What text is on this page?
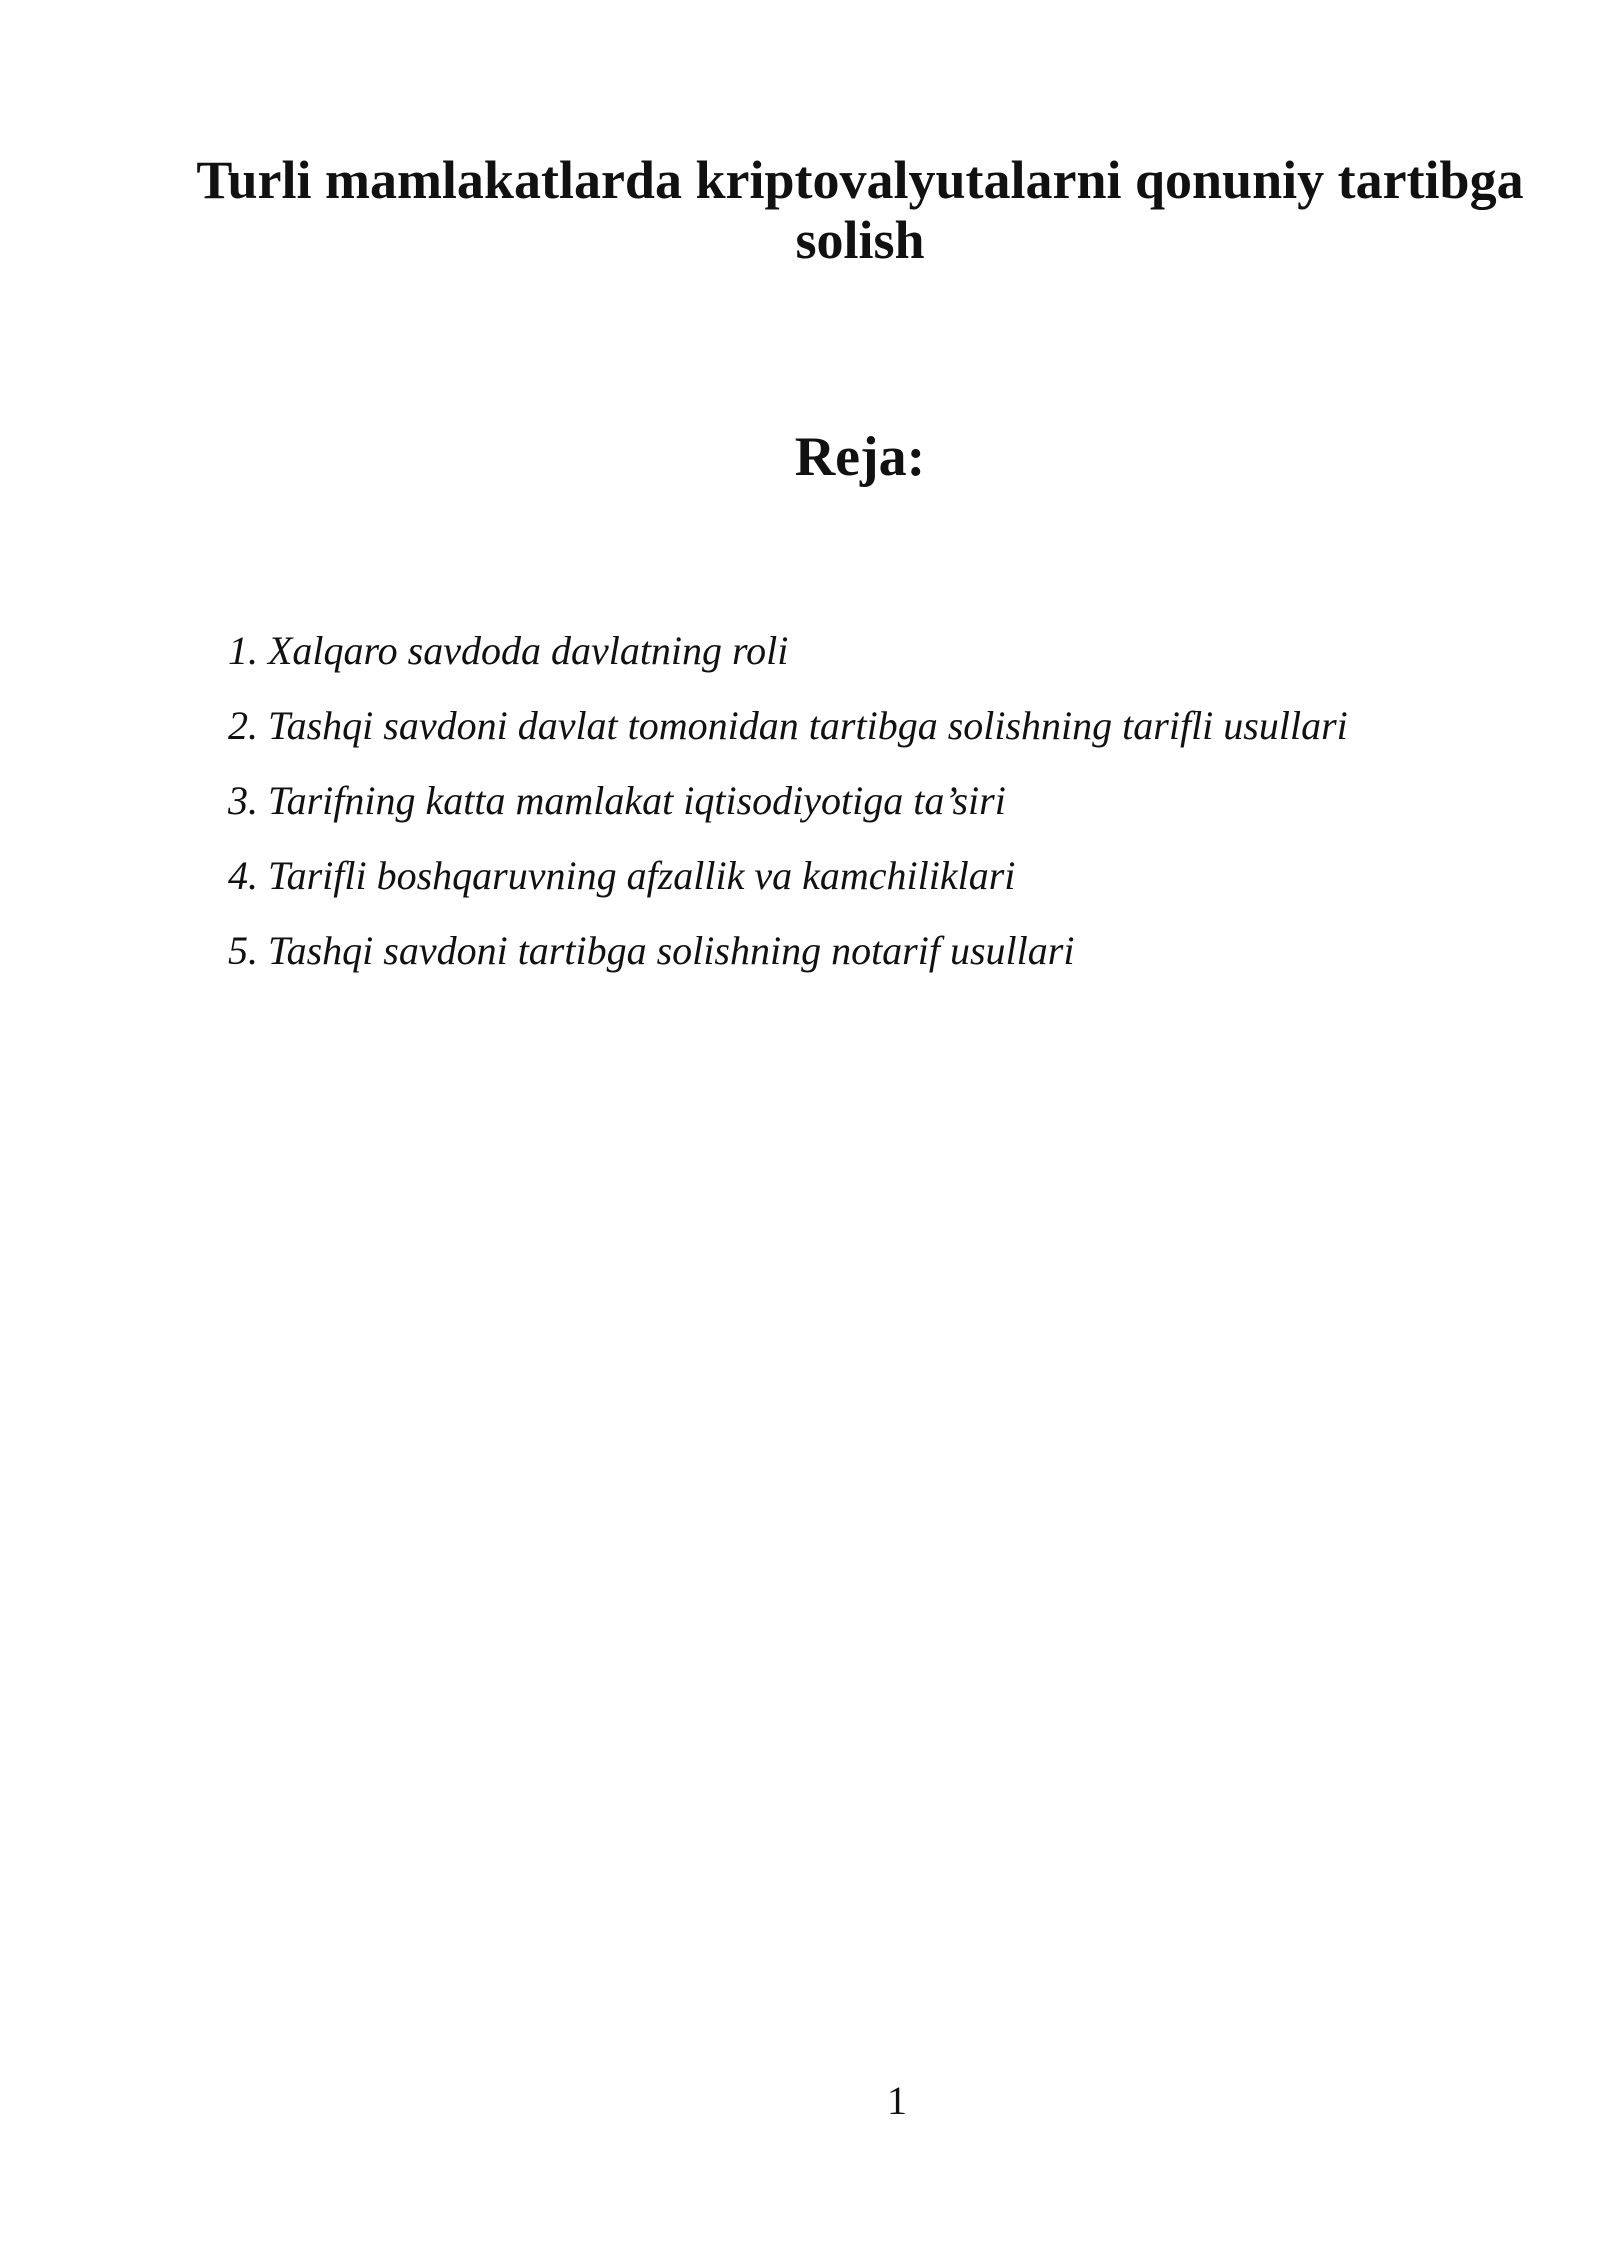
Turli mamlakatlarda kriptovalyutalarni qonuniy tartibga solish
Reja:
1. Xalqaro savdoda davlatning roli
2. Tashqi savdoni davlat tomonidan tartibga solishning tarifli usullari
3. Tarifning katta mamlakat iqtisodiyotiga ta’siri
4. Tarifli boshqaruvning afzallik va kamchiliklari
5. Tashqi savdoni tartibga solishning notarif usullari
1
